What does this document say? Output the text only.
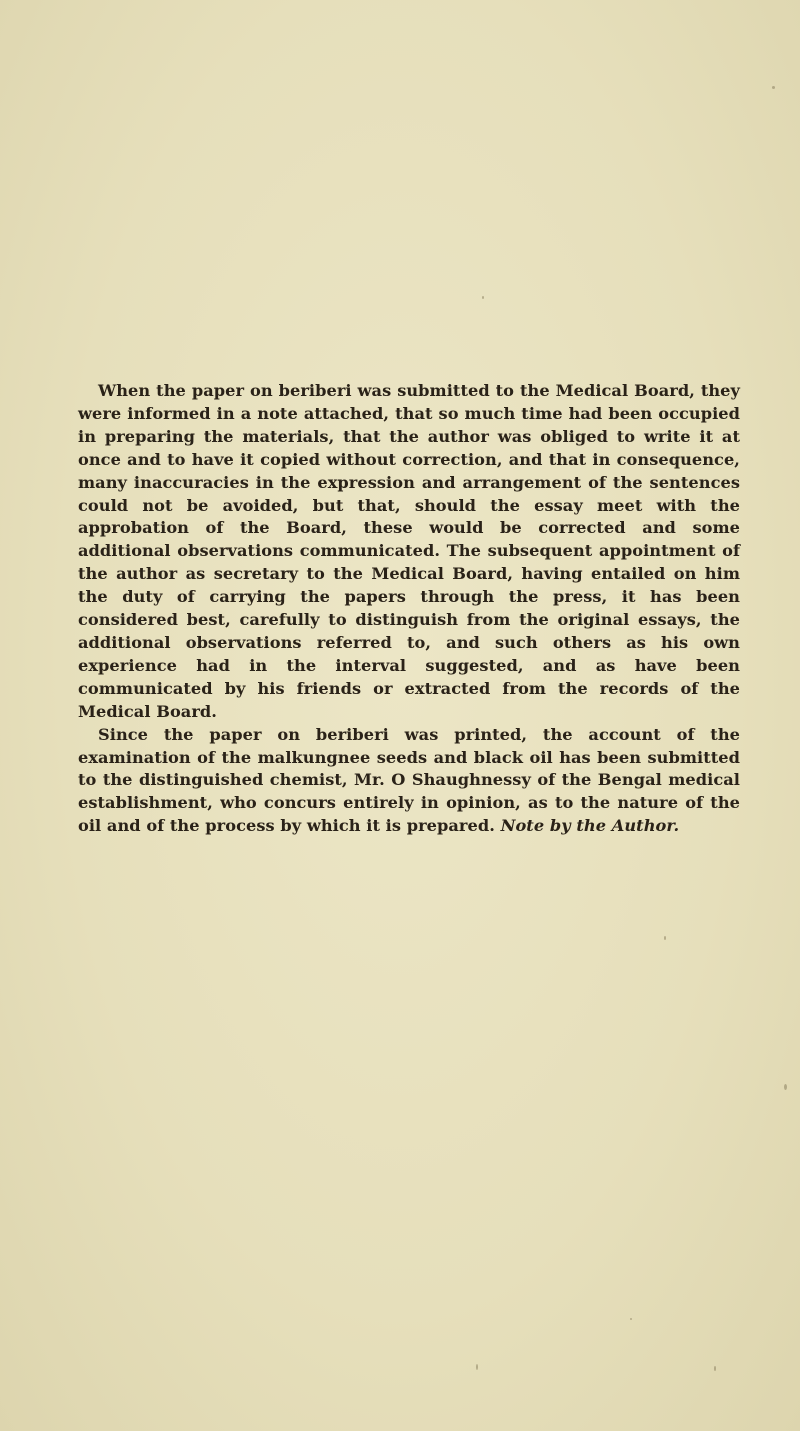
When the paper on beriberi was submitted to the Medical Board, they were informed in a note attached, that so much time had been occupied in preparing the materials, that the author was obliged to write it at once and to have it copied without correction, and that in consequence, many inaccuracies in the expression and arrangement of the sentences could not be avoided, but that, should the essay meet with the approbation of the Board, these would be corrected and some additional observations communicated. The subsequent appointment of the author as secretary to the Medical Board, having entailed on him the duty of carrying the papers through the press, it has been considered best, carefully to distinguish from the original essays, the additional observations referred to, and such others as his own experience had in the interval suggested, and as have been communicated by his friends or extracted from the records of the Medical Board.

Since the paper on beriberi was printed, the account of the examination of the malkungnee seeds and black oil has been submitted to the distinguished chemist, Mr. O Shaughnessy of the Bengal medical establishment, who concurs entirely in opinion, as to the nature of the oil and of the process by which it is prepared. Note by the Author.
